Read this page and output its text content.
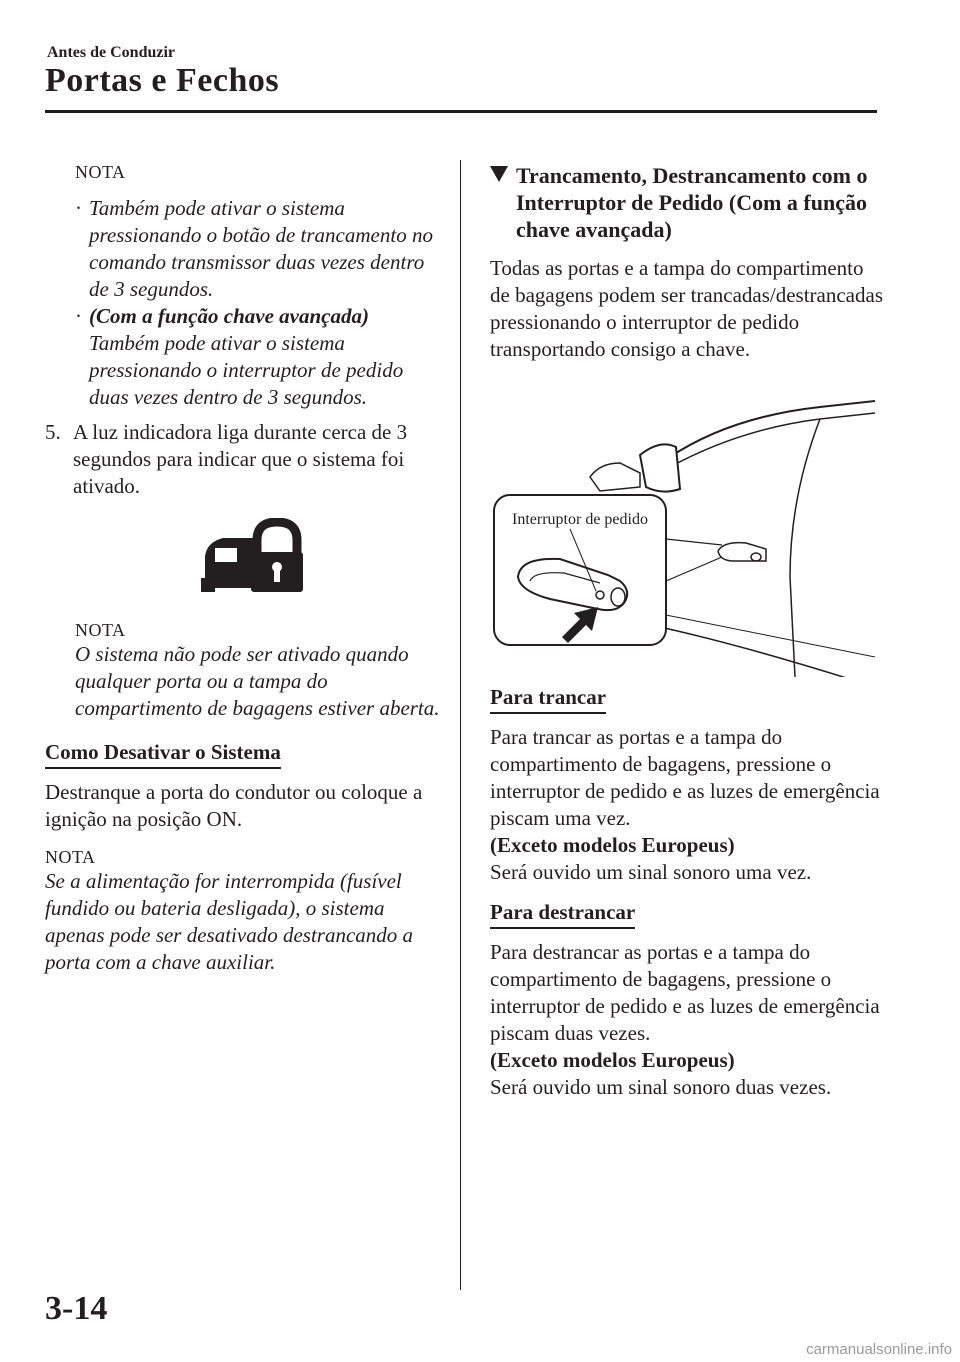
Antes de Conduzir
Portas e Fechos
NOTA
· Também pode ativar o sistema pressionando o botão de trancamento no comando transmissor duas vezes dentro de 3 segundos.
· (Com a função chave avançada)
Também pode ativar o sistema pressionando o interruptor de pedido duas vezes dentro de 3 segundos.
5. A luz indicadora liga durante cerca de 3 segundos para indicar que o sistema foi ativado.
NOTA
O sistema não pode ser ativado quando qualquer porta ou a tampa do compartimento de bagagens estiver aberta.
Como Desativar o Sistema
Destranque a porta do condutor ou coloque a ignição na posição ON.
NOTA
Se a alimentação for interrompida (fusível fundido ou bateria desligada), o sistema apenas pode ser desativado destrancando a porta com a chave auxiliar.
Trancamento, Destrancamento com o Interruptor de Pedido (Com a função chave avançada)
Todas as portas e a tampa do compartimento de bagagens podem ser trancadas/destrancadas pressionando o interruptor de pedido transportando consigo a chave.
Interruptor de pedido
Para trancar
Para trancar as portas e a tampa do compartimento de bagagens, pressione o interruptor de pedido e as luzes de emergência piscam uma vez.
(Exceto modelos Europeus)
Será ouvido um sinal sonoro uma vez.
Para destrancar
Para destrancar as portas e a tampa do compartimento de bagagens, pressione o interruptor de pedido e as luzes de emergência piscam duas vezes.
(Exceto modelos Europeus)
Será ouvido um sinal sonoro duas vezes.
3-14
carmanualsonline.info
